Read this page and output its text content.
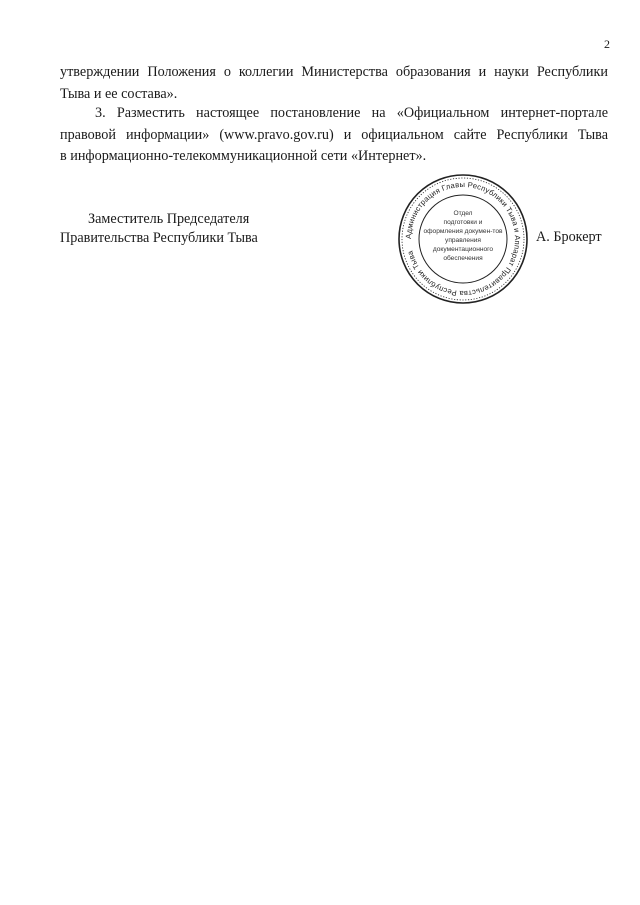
2
утверждении Положения о коллегии Министерства образования и науки Республики
Тыва и ее состава».
3. Разместить настоящее постановление на «Официальном интернет-портале
правовой информации» (www.pravo.gov.ru) и официальном сайте Республики Тыва
в информационно-телекоммуникационной сети «Интернет».
Заместитель Председателя
Правительства Республики Тыва	Администрация Главы Республики Тыва и Аппарат Правительства Республики Тыва
Отдел
подготовки и
оформления докумен-тов
управления
документационного
обеспечения
А. Брокерт
